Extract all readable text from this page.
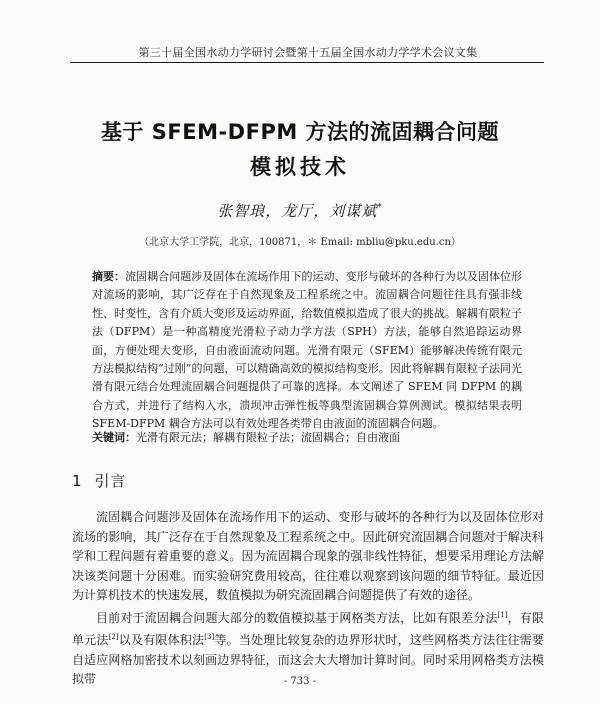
第三十届全国水动力学研讨会暨第十五届全国水动力学学术会议文集
基于 SFEM-DFPM 方法的流固耦合问题
模拟技术
张智琅，龙厅，刘谋斌*
（北京大学工学院，北京，100871，＊ Email: mbliu@pku.edu.cn）
摘要：流固耦合问题涉及固体在流场作用下的运动、变形与破坏的各种行为以及固体位形对流场的影响，其广泛存在于自然现象及工程系统之中。流固耦合问题往往具有强非线性、时变性，含有介质大变形及运动界面，给数值模拟造成了很大的挑战。解耦有限粒子法（DFPM）是一种高精度光滑粒子动力学方法（SPH）方法，能够自然追踪运动界面，方便处理大变形，自由液面流动问题。光滑有限元（SFEM）能够解决传统有限元方法模拟结构“过刚”的问题，可以精确高效的模拟结构变形。因此将解耦有限粒子法同光滑有限元结合处理流固耦合问题提供了可靠的选择。本文阐述了 SFEM 同 DFPM 的耦合方式，并进行了结构入水，溃坝冲击弹性板等典型流固耦合算例测试。模拟结果表明 SFEM-DFPM 耦合方法可以有效处理各类带自由液面的流固耦合问题。
关键词：光滑有限元法；解耦有限粒子法；流固耦合；自由液面
1 引言

流固耦合问题涉及固体在流场作用下的运动、变形与破坏的各种行为以及固体位形对流场的影响，其广泛存在于自然现象及工程系统之中。因此研究流固耦合问题对于解决科学和工程问题有着重要的意义。因为流固耦合现象的强非线性特征，想要采用理论方法解决该类问题十分困难。而实验研究费用较高，往往难以观察到该问题的细节特征。最近因为计算机技术的快速发展，数值模拟为研究流固耦合问题提供了有效的途径。

目前对于流固耦合问题大部分的数值模拟基于网格类方法，比如有限差分法[1]，有限单元法[2]以及有限体积法[3]等。当处理比较复杂的边界形状时，这些网格类方法往往需要自适应网格加密技术以刻画边界特征，而这会大大增加计算时间。同时采用网格类方法模拟带	- 733 -
